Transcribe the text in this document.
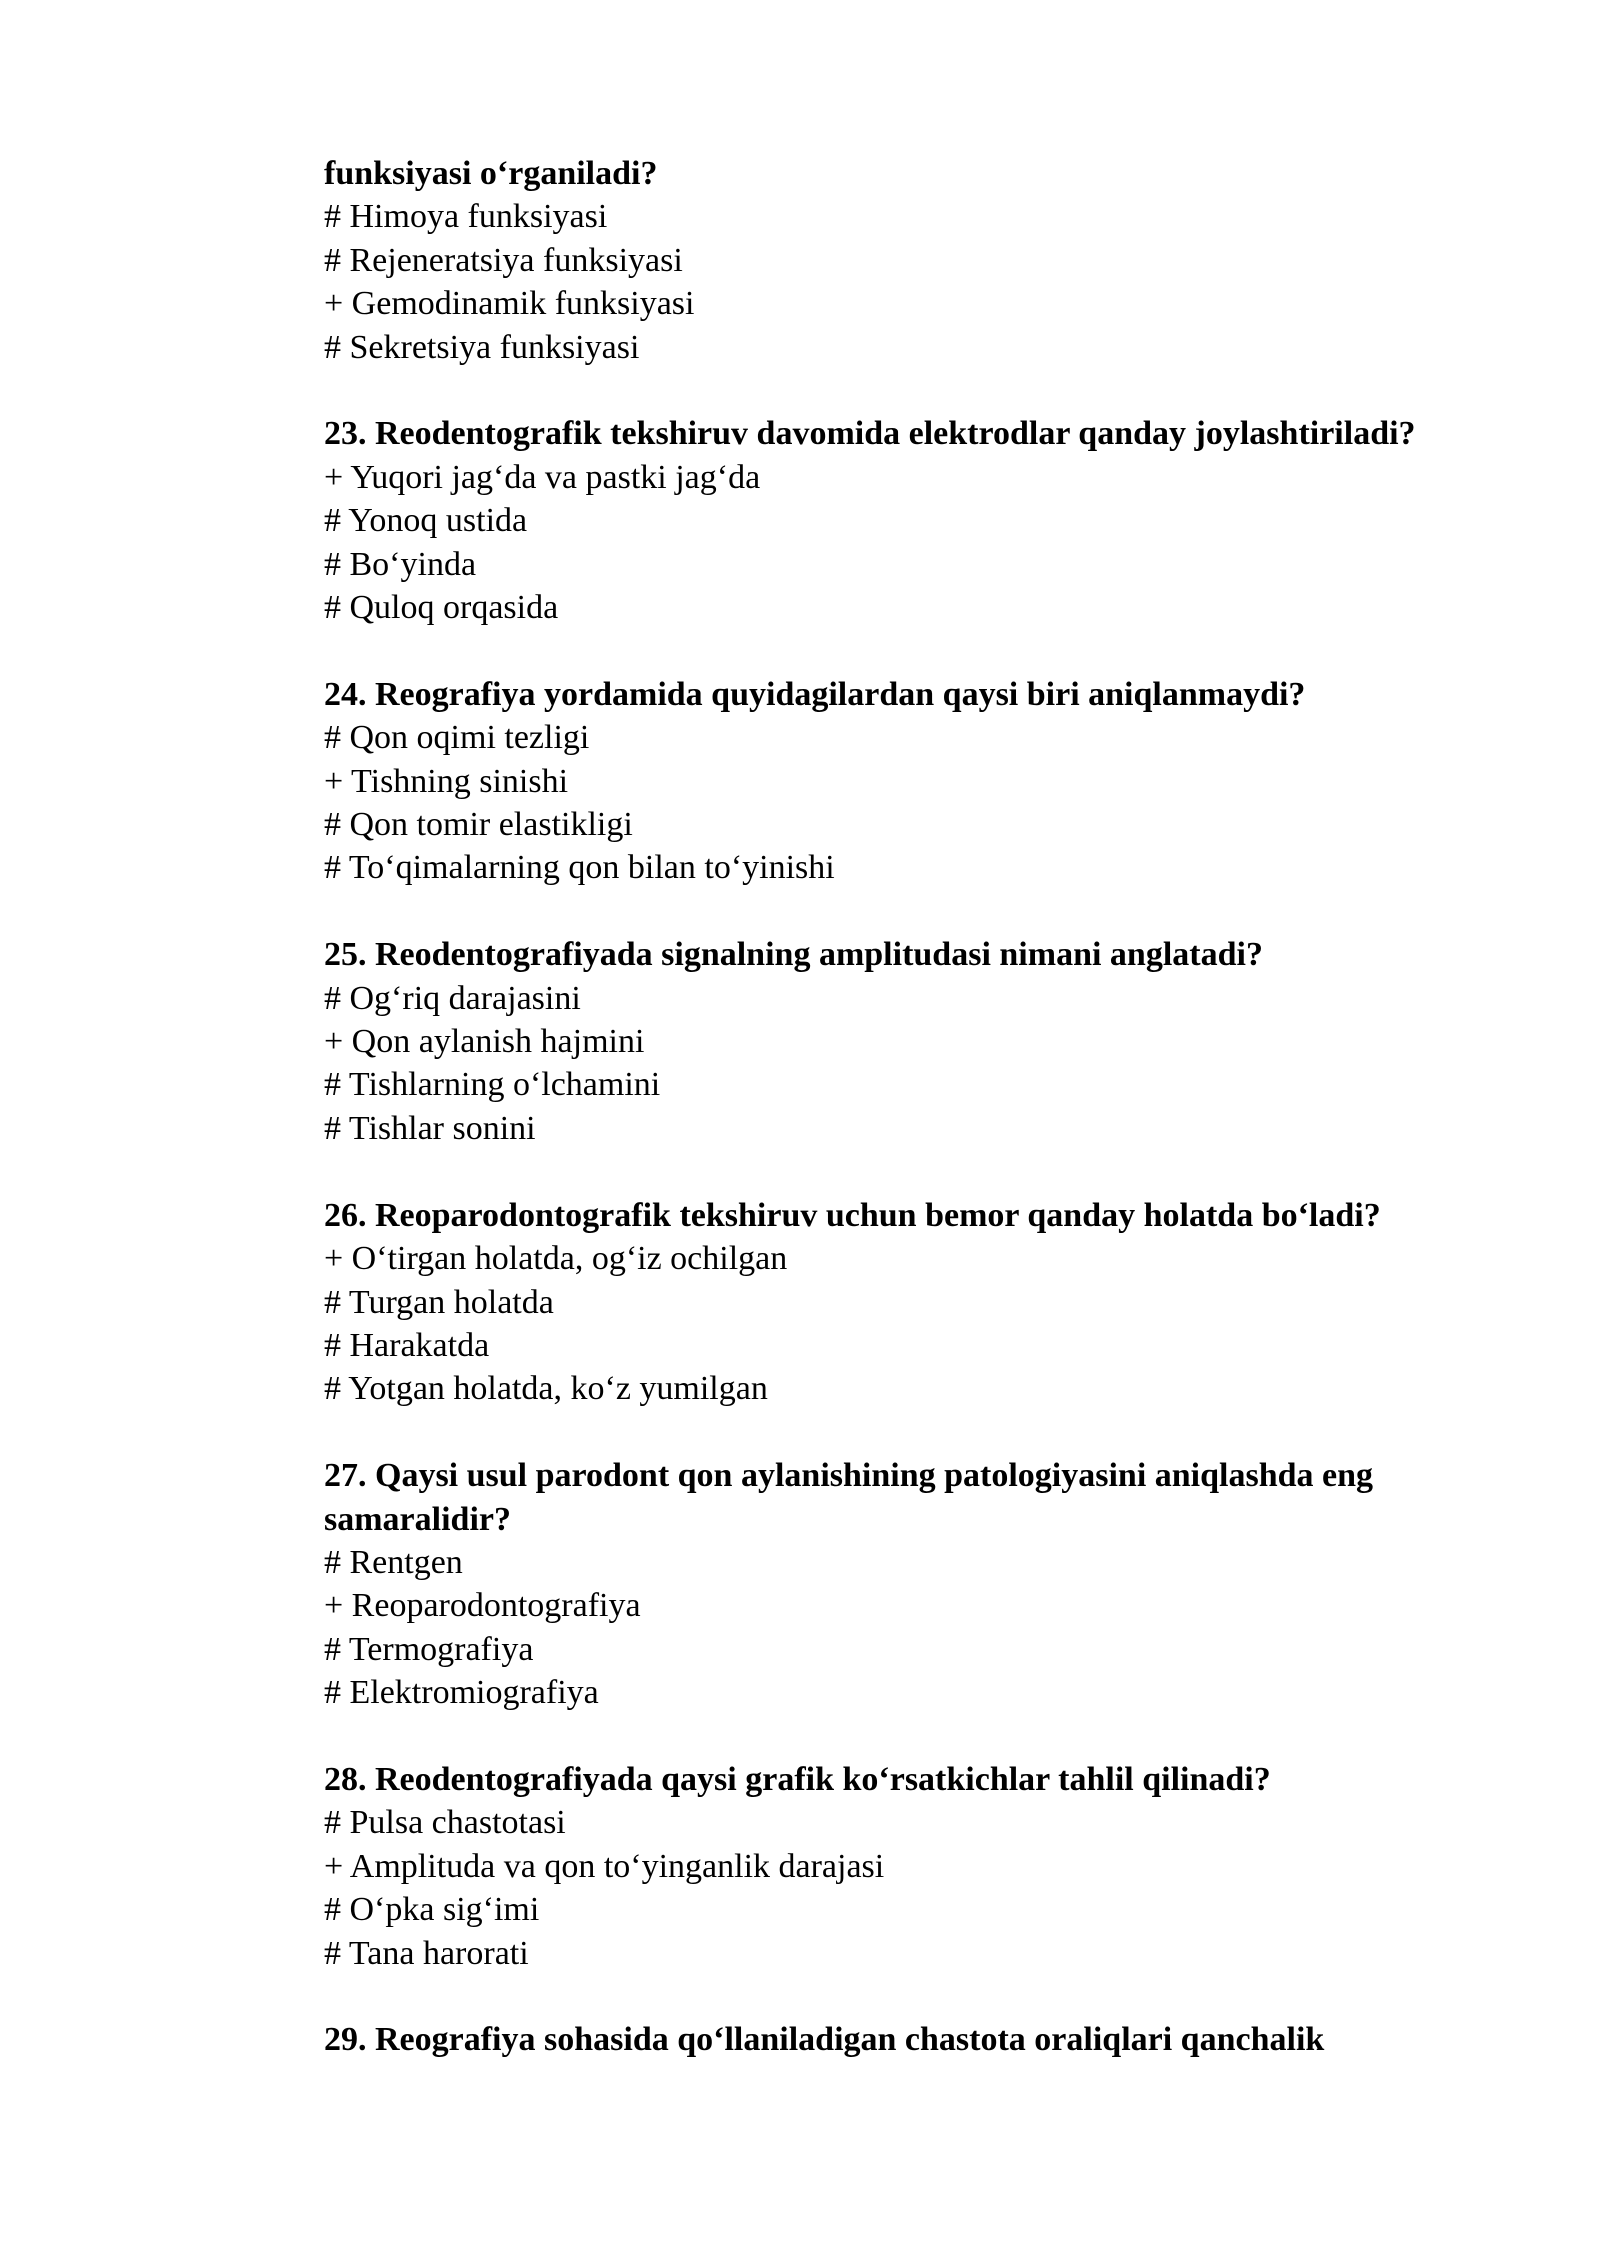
funksiyasi o‘rganiladi?

# Himoya funksiyasi

# Rejeneratsiya funksiyasi

+ Gemodinamik funksiyasi

# Sekretsiya funksiyasi

23. Reodentografik tekshiruv davomida elektrodlar qanday joylashtiriladi?

+ Yuqori jag‘da va pastki jag‘da

# Yonoq ustida

# Bo‘yinda

# Quloq orqasida

24. Reografiya yordamida quyidagilardan qaysi biri aniqlanmaydi?

# Qon oqimi tezligi

+ Tishning sinishi

# Qon tomir elastikligi

# To‘qimalarning qon bilan to‘yinishi

25. Reodentografiyada signalning amplitudasi nimani anglatadi?

# Og‘riq darajasini

+ Qon aylanish hajmini

# Tishlarning o‘lchamini

# Tishlar sonini

26. Reoparodontografik tekshiruv uchun bemor qanday holatda bo‘ladi?

+ O‘tirgan holatda, og‘iz ochilgan

# Turgan holatda

# Harakatda

# Yotgan holatda, ko‘z yumilgan

27. Qaysi usul parodont qon aylanishining patologiyasini aniqlashda eng samaralidir?

# Rentgen

+ Reoparodontografiya

# Termografiya

# Elektromiografiya

28. Reodentografiyada qaysi grafik ko‘rsatkichlar tahlil qilinadi?

# Pulsa chastotasi

+ Amplituda va qon to‘yinganlik darajasi

# O‘pka sig‘imi

# Tana harorati

29. Reografiya sohasida qo‘llaniladigan chastota oraliqlari qanchalik
